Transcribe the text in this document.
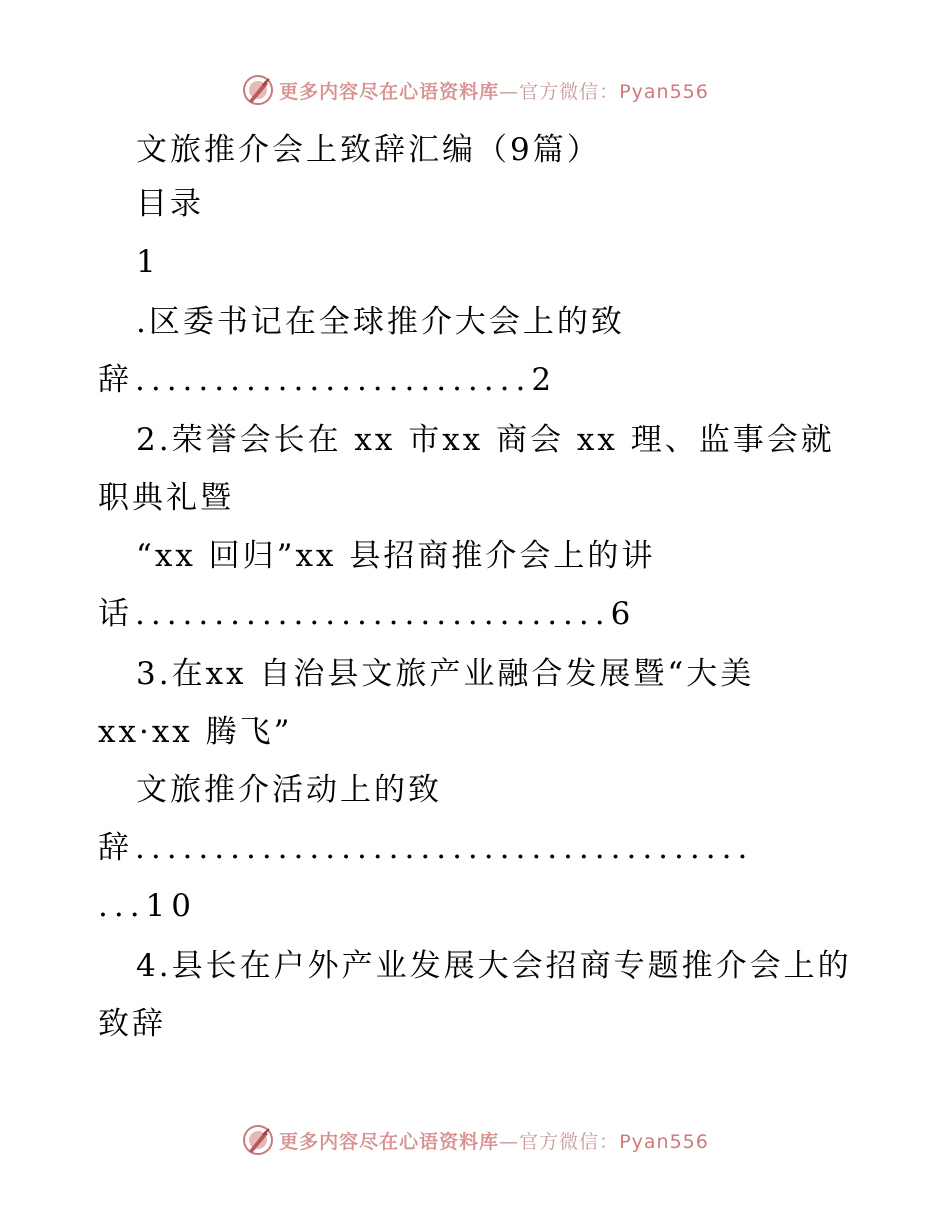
更多内容尽在心语资料库—官方微信：Pyan556
文旅推介会上致辞汇编（9篇）
目录
1
.区委书记在全球推介大会上的致
辞.........................2
2.荣誉会长在 xx 市xx 商会 xx 理、监事会就
职典礼暨
“xx 回归”xx 县招商推介会上的讲
话..............................6
3.在xx 自治县文旅产业融合发展暨“大美
xx·xx 腾飞”
文旅推介活动上的致
辞.......................................
...10
4.县长在户外产业发展大会招商专题推介会上的
致辞
更多内容尽在心语资料库—官方微信：Pyan556
